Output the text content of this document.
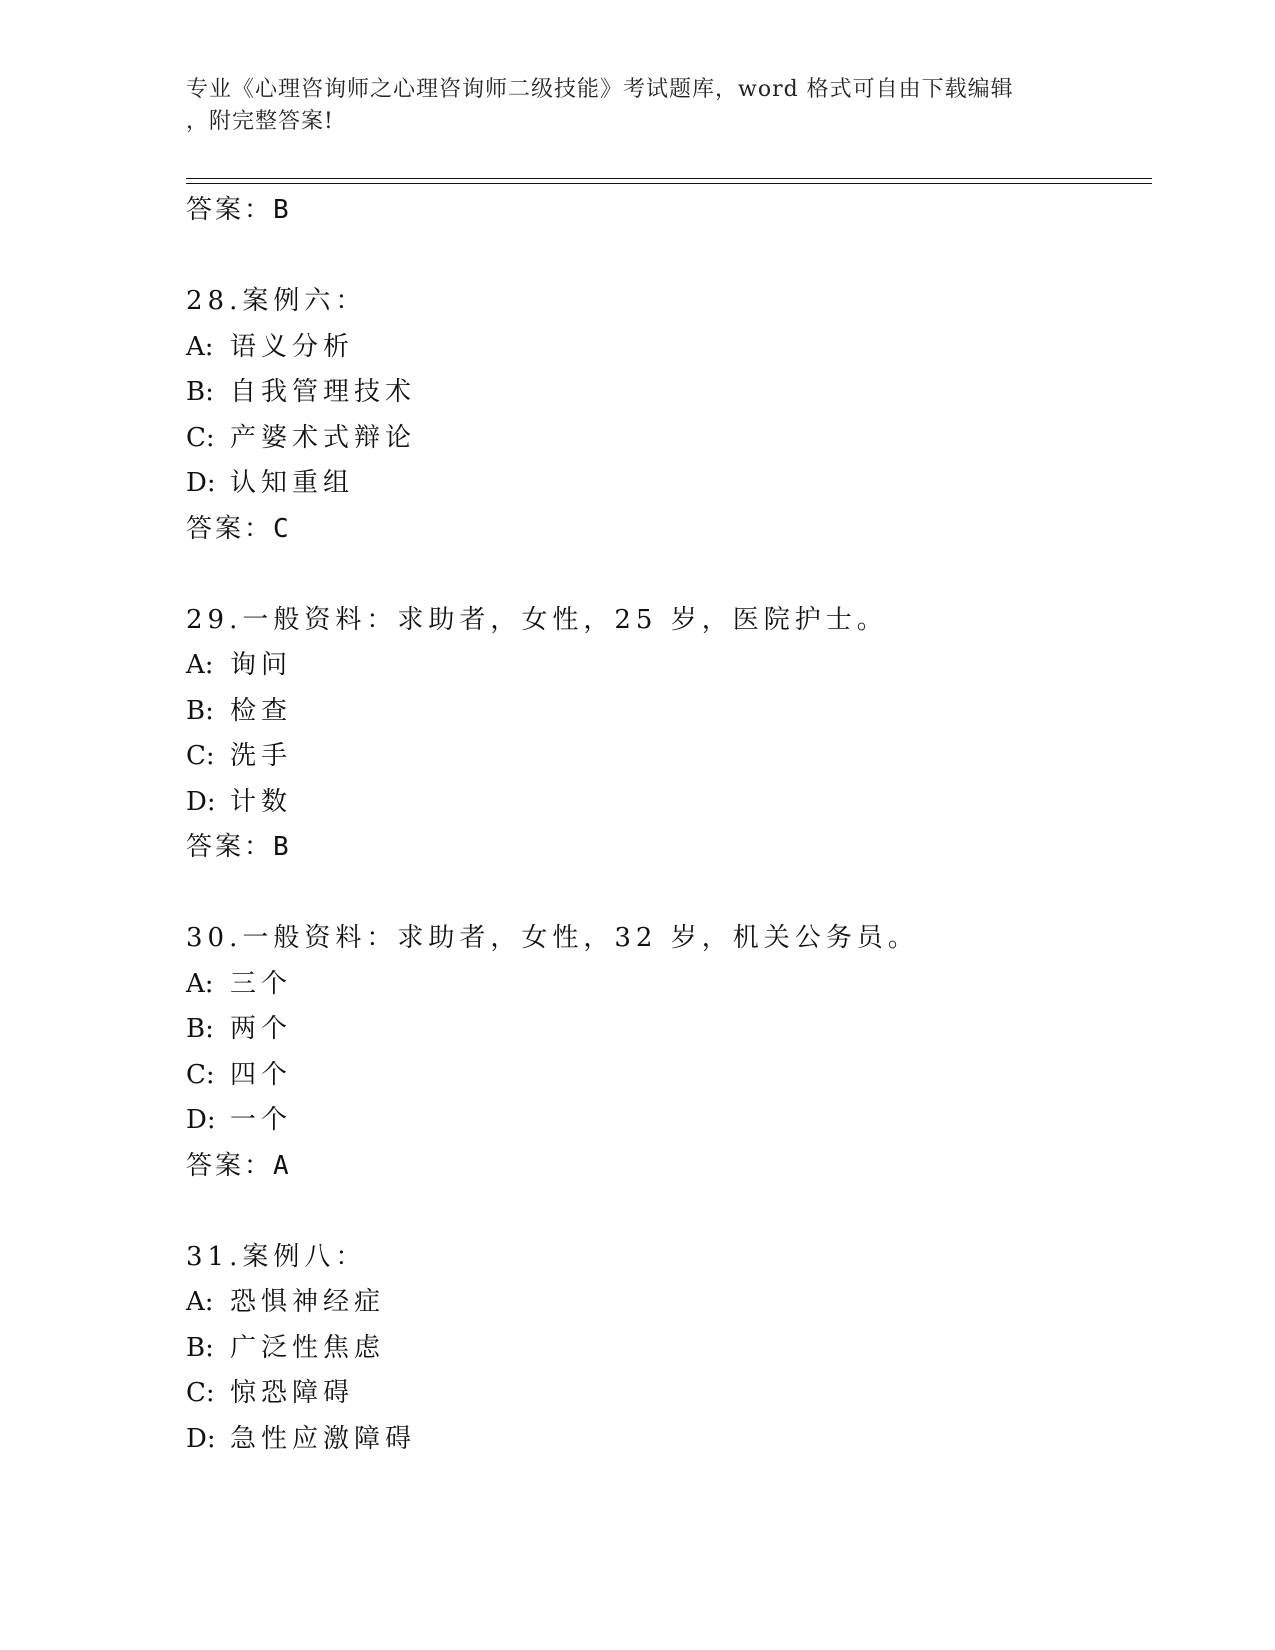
专业《心理咨询师之心理咨询师二级技能》考试题库，word 格式可自由下载编辑
，附完整答案!
答案：B
28.案例六：
A: 语义分析
B: 自我管理技术
C: 产婆术式辩论
D: 认知重组
答案：C
29.一般资料：求助者，女性，25 岁，医院护士。
A: 询问
B: 检查
C: 洗手
D: 计数
答案：B
30.一般资料：求助者，女性，32 岁，机关公务员。
A: 三个
B: 两个
C: 四个
D: 一个
答案：A
31.案例八：
A: 恐惧神经症
B: 广泛性焦虑
C: 惊恐障碍
D: 急性应激障碍
